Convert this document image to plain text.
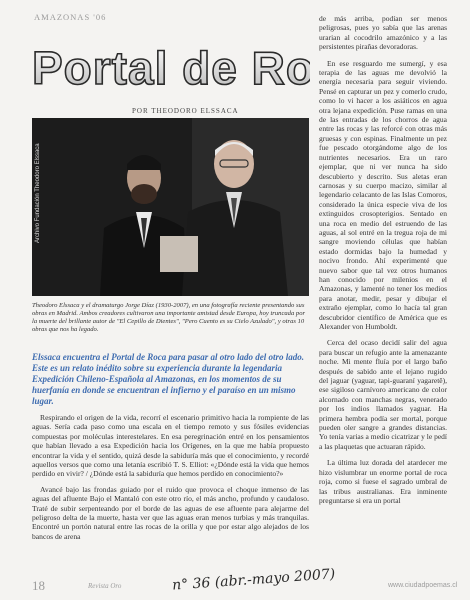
AMAZONAS '06
Portal de Ro
POR THEODORO ELSSACA
Archivo Fundación Theodoro Elssaca
Theodoro Elssaca y el dramaturgo Jorge Díaz (1930-2007), en una fotografía reciente presentando sus obras en Madrid. Ambos creadores cultivaron una importante amistad desde Europa, hoy truncada por la muerte del brillante autor de "El Cepillo de Dientes", "Pero Cuento es su Cielo Azulado", y otras 10 obras que nos ha legado.
Elssaca encuentra el Portal de Roca para pasar al otro lado del otro lado. Este es un relato inédito sobre su experiencia durante la legendaria Expedición Chileno-Española al Amazonas, en los momentos de su huerfanía en donde se encuentran el infierno y el paraíso en un mismo lugar.

Respirando el origen de la vida, recorrí el escenario primitivo hacia la rompiente de las aguas. Sería cada paso como una escala en el tiempo remoto y sus fósiles evidencias compuestas por moléculas interestelares. En esa peregrinación entré en los pensamientos que habían llevado a esa Expedición hacia los Orígenes, en la que me había propuesto encontrar la vida y el sentido, quizá desde la sabiduría más que el conocimiento, y recordé aquellos versos que como una letanía escribió T. S. Elliot: «¿Dónde está la vida que hemos perdido en vivir? / ¿Dónde está la sabiduría que hemos perdido en conocimiento?»

Avancé bajo las frondas guiado por el ruido que provoca el choque inmenso de las aguas del afluente Bajo el Mantaló con este otro río, el más ancho, profundo y caudaloso. Traté de subir serpenteando por el borde de las aguas de ese afluente para alejarme del peligroso delta de la muerte, hasta ver que las aguas eran menos turbias y más tranquilas. Encontré un portón natural entre las rocas de la orilla y que por estar algo alejados de los bancos de arena

de más arriba, podían ser menos peligrosas, pues yo sabía que las arenas urarian al cocodrilo amazónico y a las persistentes pirañas devoradoras.

En ese resguardo me sumergí, y esa terapia de las aguas me devolvió la energía necesaria para seguir viviendo. Pensé en capturar un pez y comerlo crudo, como lo vi hacer a los asiáticos en agua otra lejana expedición. Puse ramas en una de las entradas de los chorros de agua entre las rocas y las reforcé con otras más gruesas y con espinas. Finalmente un pez fue pescado otorgándome algo de los nutrientes necesarios. Era un raro ejemplar, que ni ver nunca ha sido descubierto y descrito. Sus aletas eran carnosas y su cuerpo macizo, similar al legendario celacanto de las Islas Comoros, considerado la única especie viva de los extinguidos crosopterigios. Sentado en una roca en medio del estruendo de las aguas, al sol entré en la tregua roja de mi sangre moviendo células que habían estado dormidas bajo la humedad y nocivo frondo. Ahí experimenté que nuevo sabor que tal vez otros humanos han conocido por milenios en el Amazonas, y lamenté no tener los medios para anotar, medir, pesar y dibujar el extraño ejemplar, como lo hacía tal gran descubridor científico de América que es Alexander von Humboldt.

Cerca del ocaso decidí salir del agua para buscar un refugio ante la amenazante noche. Mi mente fluía por el largo baño después de sabido ante el lejano rugido del jaguar (yaguar, tapi-guaraní yagaretê), ese sigiloso carnívoro americano de color alcornado con manchas negras, venerado por los indios llamados yaguar. Ha primera hembra podía ser mortal, porque pueden oler sangre a grandes distancias. Yo tenía varias a medio cicatrizar y le pedí a las plaquetas que actuaran rápido.

La última luz dorada del atardecer me hizo vislumbrar un enorme portal de roca roja, como si fuese el sagrado umbral de las tribus australianas. Era inminente preguntarse si era un portal

18	Revista Oro	n° 36 (abr.-mayo 2007)	www.ciudadpoemas.cl
